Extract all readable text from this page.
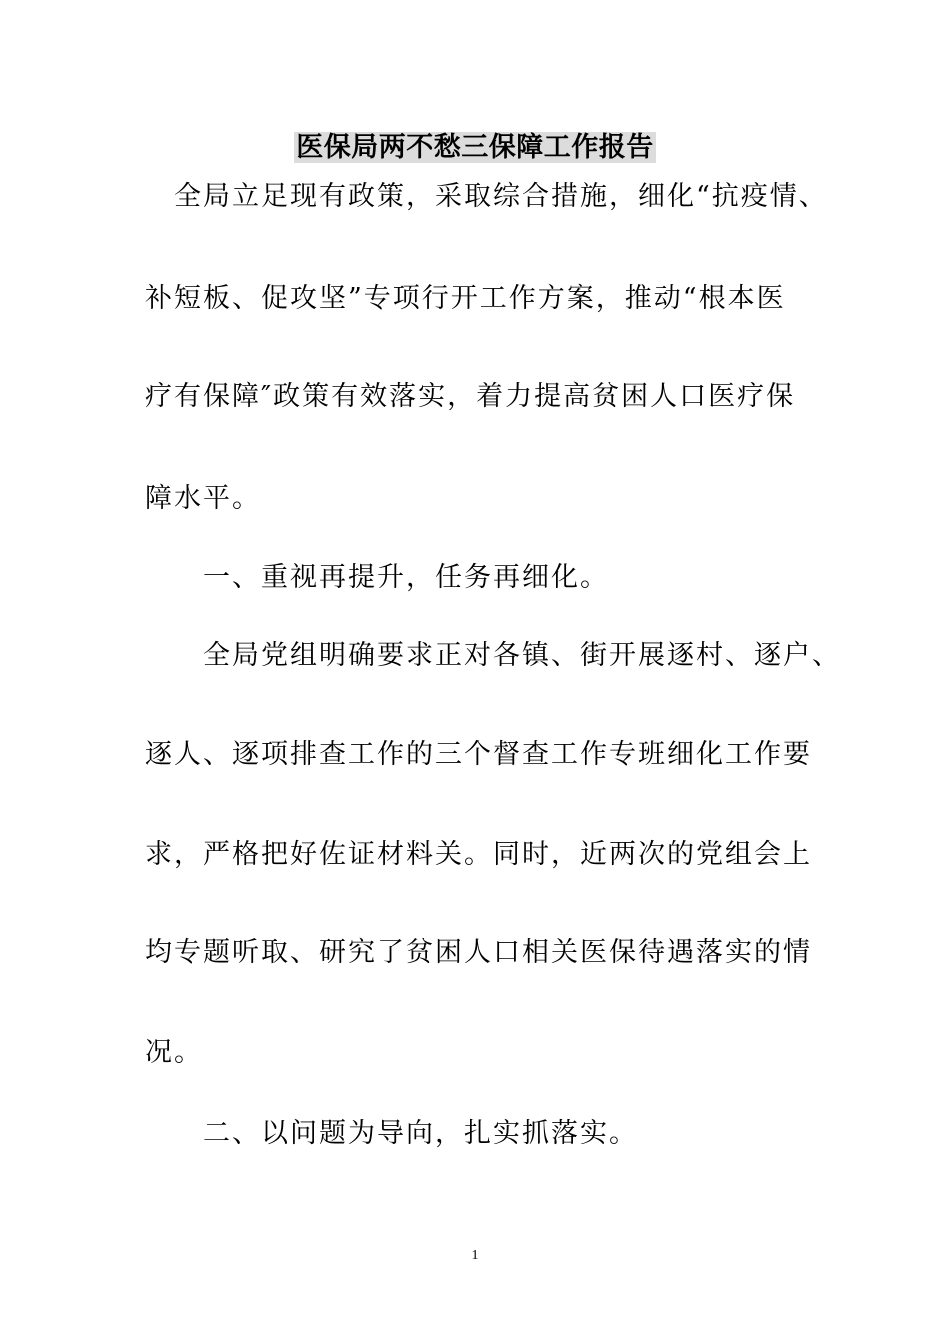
医保局两不愁三保障工作报告
全局立足现有政策，采取综合措施，细化“抗疫情、
补短板、促攻坚”专项行开工作方案，推动“根本医
疗有保障″政策有效落实，着力提高贫困人口医疗保
障水平。
一、重视再提升，任务再细化。
全局党组明确要求正对各镇、街开展逐村、逐户、
逐人、逐项排查工作的三个督查工作专班细化工作要
求，严格把好佐证材料关。同时，近两次的党组会上
均专题听取、研究了贫困人口相关医保待遇落实的情
况。
二、以问题为导向，扎实抓落实。
1
